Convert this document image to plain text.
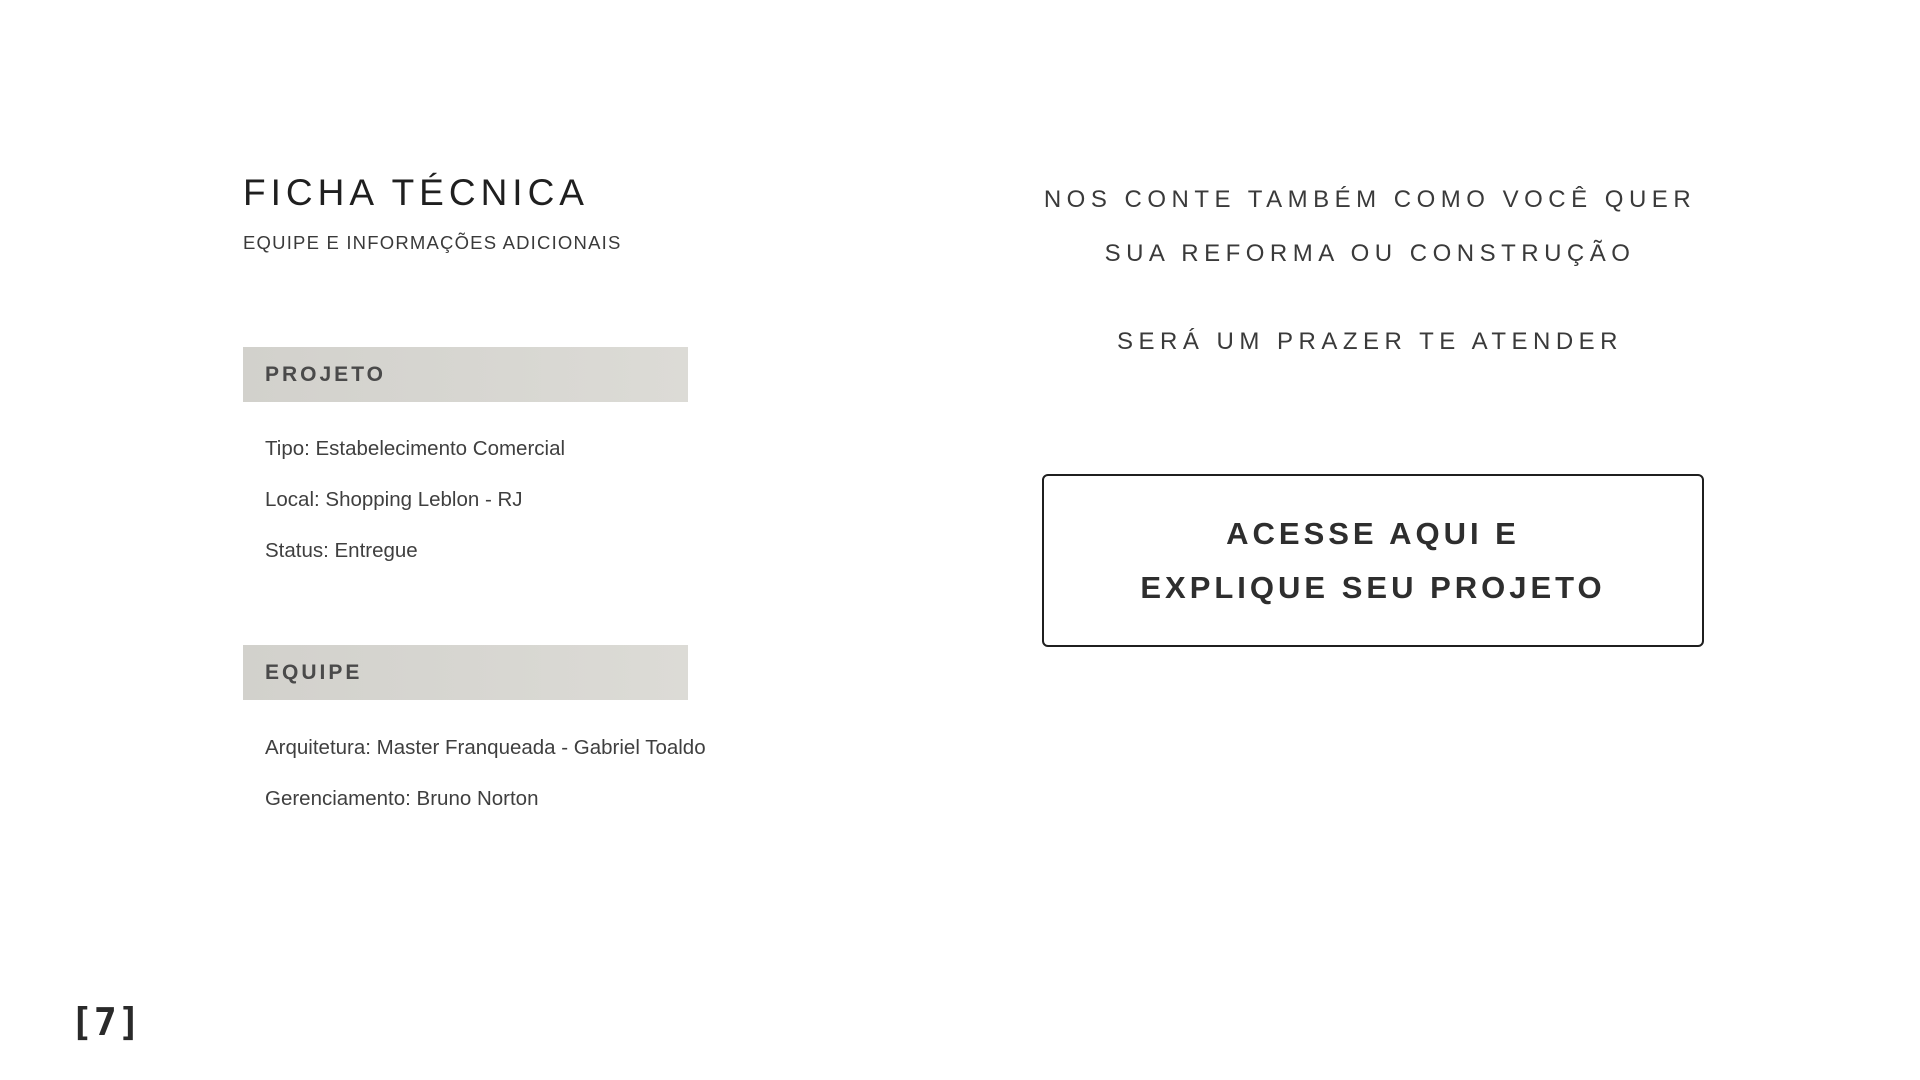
FICHA TÉCNICA
EQUIPE E INFORMAÇÕES ADICIONAIS
PROJETO
Tipo: Estabelecimento Comercial
Local: Shopping Leblon - RJ
Status: Entregue
EQUIPE
Arquitetura: Master Franqueada - Gabriel Toaldo
Gerenciamento: Bruno Norton
NOS CONTE TAMBÉM COMO VOCÊ QUER
SUA REFORMA OU CONSTRUÇÃO
SERÁ UM PRAZER TE ATENDER
ACESSE AQUI E
EXPLIQUE SEU PROJETO
[7]
